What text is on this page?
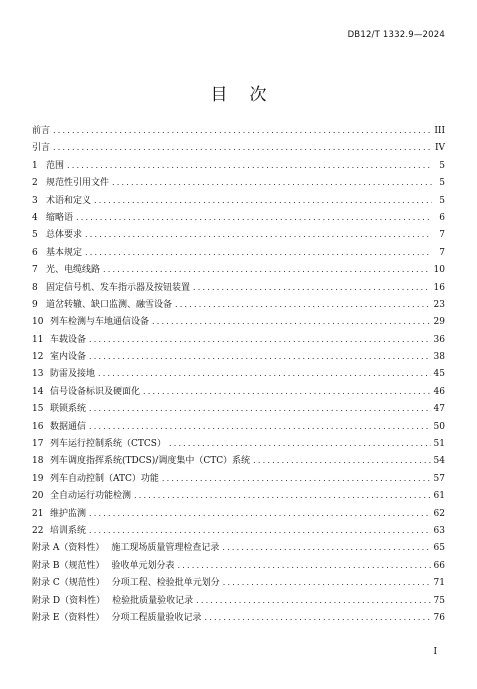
DB12/T 1332.9—2024
目次
前言 .....	III
引言 .....	IV
1 范围 .....	5
2 规范性引用文件 .....	5
3 术语和定义 .....	5
4 缩略语 .....	6
5 总体要求 .....	7
6 基本规定 .....	7
7 光、电缆线路 .....	10
8 固定信号机、发车指示器及按钮装置 .....	16
9 道岔转辙、缺口监测、融雪设备 .....	23
10 列车检测与车地通信设备 .....	29
11 车载设备 .....	36
12 室内设备 .....	38
13 防雷及接地 .....	45
14 信号设备标识及硬面化 .....	46
15 联锁系统 .....	47
16 数据通信 .....	50
17 列车运行控制系统（CTCS） .....	51
18 列车调度指挥系统(TDCS)/调度集中（CTC）系统 .....	54
19 列车自动控制（ATC）功能 .....	57
20 全自动运行功能检测 .....	61
21 维护监测 .....	62
22 培训系统 .....	63
附录 A （资料性） 施工现场质量管理检查记录 .....	65
附录 B （规范性） 验收单元划分表 .....	66
附录 C （规范性） 分项工程、检验批单元划分 .....	71
附录 D （资料性） 检验批质量验收记录 .....	75
附录 E （资料性） 分项工程质量验收记录 .....	76
I
